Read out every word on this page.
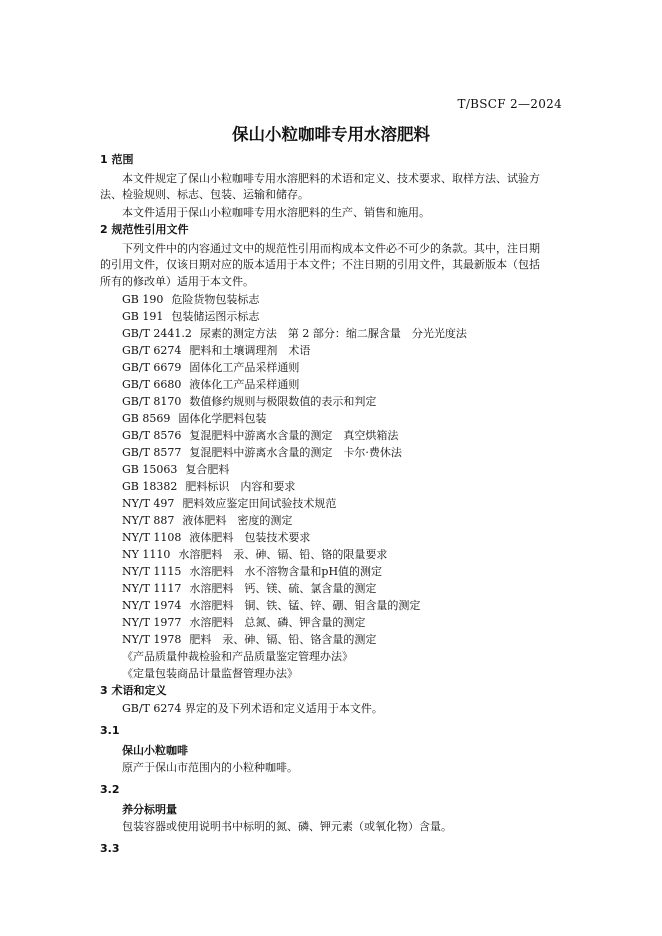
T/BSCF 2—2024
保山小粒咖啡专用水溶肥料
1 范围
本文件规定了保山小粒咖啡专用水溶肥料的术语和定义、技术要求、取样方法、试验方
法、检验规则、标志、包装、运输和储存。
本文件适用于保山小粒咖啡专用水溶肥料的生产、销售和施用。
2 规范性引用文件
下列文件中的内容通过文中的规范性引用而构成本文件必不可少的条款。其中，注日期
的引用文件，仅该日期对应的版本适用于本文件；不注日期的引用文件，其最新版本（包括
所有的修改单）适用于本文件。
GB 190 危险货物包装标志
GB 191 包装储运图示标志
GB/T 2441.2 尿素的测定方法　第 2 部分：缩二脲含量　分光光度法
GB/T 6274 肥料和土壤调理剂　术语
GB/T 6679 固体化工产品采样通则
GB/T 6680 液体化工产品采样通则
GB/T 8170 数值修约规则与极限数值的表示和判定
GB 8569 固体化学肥料包装
GB/T 8576 复混肥料中游离水含量的测定　真空烘箱法
GB/T 8577 复混肥料中游离水含量的测定　卡尔·费休法
GB 15063 复合肥料
GB 18382 肥料标识　内容和要求
NY/T 497 肥料效应鉴定田间试验技术规范
NY/T 887 液体肥料　密度的测定
NY/T 1108 液体肥料　包装技术要求
NY 1110 水溶肥料　汞、砷、镉、铅、铬的限量要求
NY/T 1115 水溶肥料　水不溶物含量和pH值的测定
NY/T 1117 水溶肥料　钙、镁、硫、氯含量的测定
NY/T 1974 水溶肥料　铜、铁、锰、锌、硼、钼含量的测定
NY/T 1977 水溶肥料　总氮、磷、钾含量的测定
NY/T 1978 肥料　汞、砷、镉、铅、铬含量的测定
《产品质量仲裁检验和产品质量鉴定管理办法》
《定量包装商品计量监督管理办法》
3 术语和定义
GB/T 6274 界定的及下列术语和定义适用于本文件。
3.1
保山小粒咖啡
原产于保山市范围内的小粒种咖啡。
3.2
养分标明量
包装容器或使用说明书中标明的氮、磷、钾元素（或氧化物）含量。
3.3
